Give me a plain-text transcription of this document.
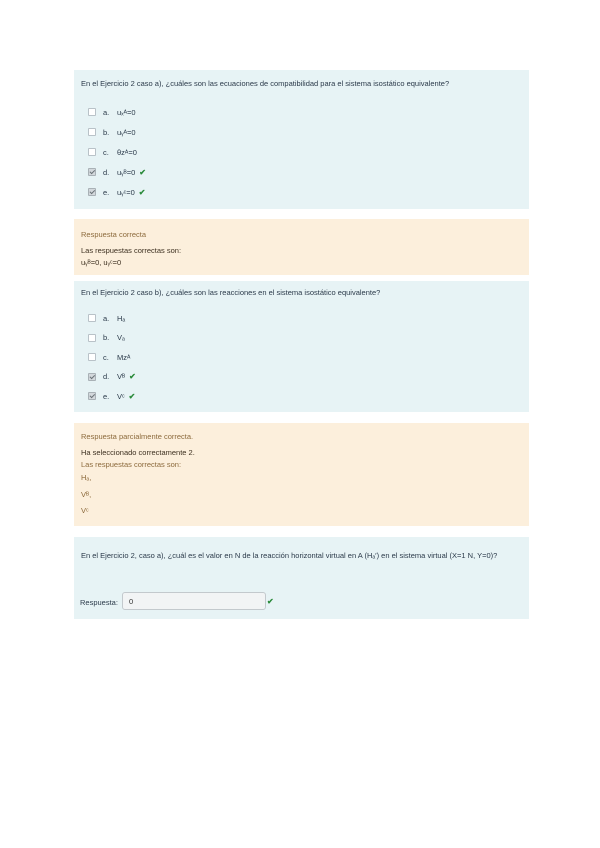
En el Ejercicio 2 caso a), ¿cuáles son las ecuaciones de compatibilidad para el sistema isostático equivalente?
a.	uₓᴬ=0
b.	uᵧᴬ=0
c.	θᴢᴬ=0
d.	uᵧᴮ=0 ✔
e.	uᵧᶜ=0 ✔
Respuesta correcta
Las respuestas correctas son:
uᵧᴮ=0, uᵧᶜ=0
En el Ejercicio 2 caso b), ¿cuáles son las reacciones en el sistema isostático equivalente?
a.	Hₐ
b.	Vₐ
c.	Mᴢᴬ
d.	Vᴮ ✔
e.	Vᶜ ✔
Respuesta parcialmente correcta.
Ha seleccionado correctamente 2.
Las respuestas correctas son:
Hₐ,
Vᴮ,
Vᶜ
En el Ejercicio 2, caso a), ¿cuál es el valor en N de la reacción horizontal virtual en A (Hₐ′) en el sistema virtual (X=1 N, Y=0)?
Respuesta:
0	✔
